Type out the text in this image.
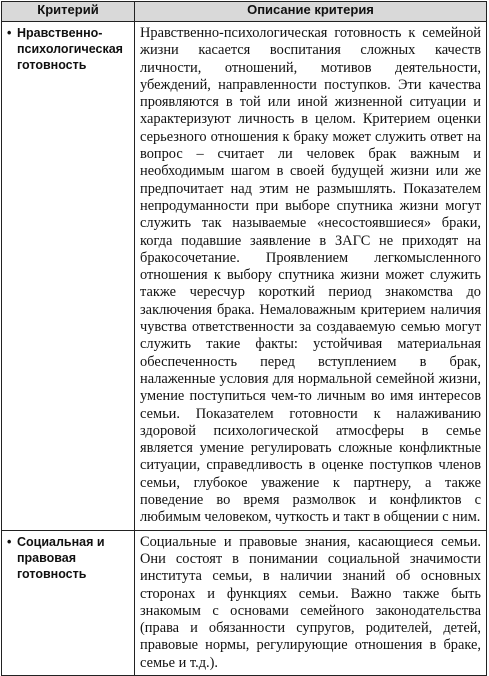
Критерий	Описание критерия

• Нравственно-психологическая готовность	Нравственно-психологическая готовность к семейной жизни касается воспитания сложных качеств личности, отношений, мотивов деятельности, убеждений, направленности поступков. Эти качества проявляются в той или иной жизненной ситуации и характеризуют личность в целом. Критерием оценки серьезного отношения к браку может служить ответ на вопрос – считает ли человек брак важным и необходимым шагом в своей будущей жизни или же предпочитает над этим не размышлять. Показателем непродуманности при выборе спутника жизни могут служить так называемые «несостоявшиеся» браки, когда подавшие заявление в ЗАГС не приходят на бракосочетание. Проявлением легкомысленного отношения к выбору спутника жизни может служить также чересчур короткий период знакомства до заключения брака. Немаловажным критерием наличия чувства ответственности за создаваемую семью могут служить такие факты: устойчивая материальная обеспеченность перед вступлением в брак, налаженные условия для нормальной семейной жизни, умение поступиться чем-то личным во имя интересов семьи. Показателем готовности к налаживанию здоровой психологической атмосферы в семье является умение регулировать сложные конфликтные ситуации, справедливость в оценке поступков членов семьи, глубокое уважение к партнеру, а также поведение во время размолвок и конфликтов с любимым человеком, чуткость и такт в общении с ним.

• Социальная и правовая готовность	Социальные и правовые знания, касающиеся семьи. Они состоят в понимании социальной значимости института семьи, в наличии знаний об основных сторонах и функциях семьи. Важно также быть знакомым с основами семейного законодательства (права и обязанности супругов, родителей, детей, правовые нормы, регулирующие отношения в браке, семье и т.д.).
